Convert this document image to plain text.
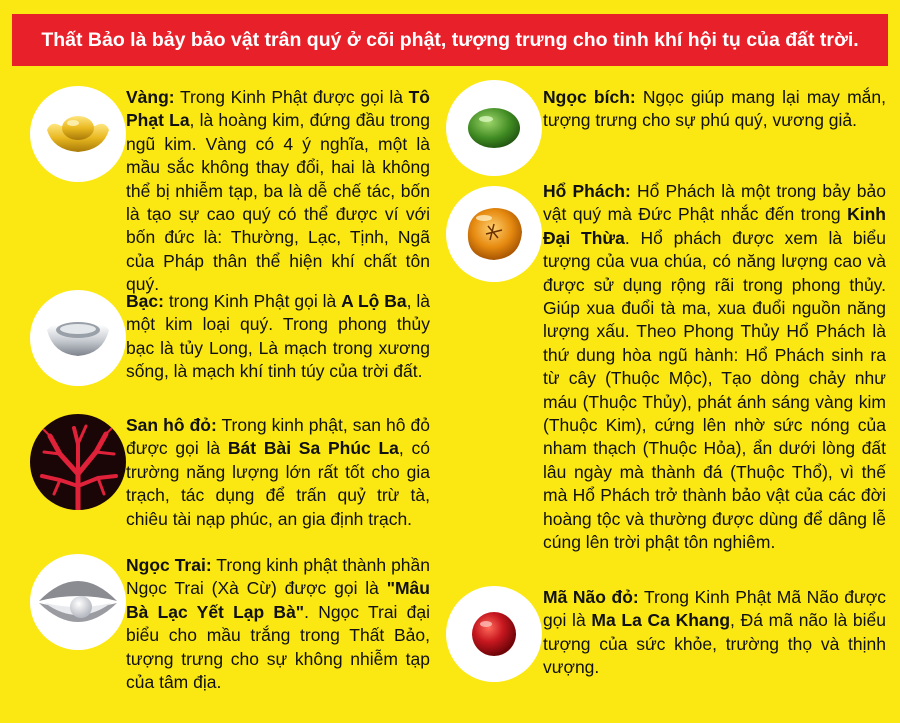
Thất Bảo là bảy bảo vật trân quý ở cõi phật, tượng trưng cho tinh khí hội tụ của đất trời.
Vàng: Trong Kinh Phật được gọi là Tô Phạt La, là hoàng kim, đứng đầu trong ngũ kim. Vàng có 4 ý nghĩa, một là mầu sắc không thay đổi, hai là không thể bị nhiễm tạp, ba là dễ chế tác, bốn là tạo sự cao quý có thể được ví với bốn đức là: Thường, Lạc, Tịnh, Ngã của Pháp thân thể hiện khí chất tôn quý.
Bạc: trong Kinh Phật gọi là A Lộ Ba, là một kim loại quý. Trong phong thủy bạc là tủy Long, Là mạch trong xương sống, là mạch khí tinh túy của trời đất.
San hô đỏ: Trong kinh phật, san hô đỏ được gọi là Bát Bài Sa Phúc La, có trường năng lượng lớn rất tốt cho gia trạch, tác dụng để trấn quỷ trừ tà, chiêu tài nạp phúc, an gia định trạch.
Ngọc Trai: Trong kinh phật thành phần Ngọc Trai (Xà Cừ) được gọi là "Mâu Bà Lạc Yết Lạp Bà". Ngọc Trai đại biểu cho mầu trắng trong Thất Bảo, tượng trưng cho sự không nhiễm tạp của tâm địa.
Ngọc bích: Ngọc giúp mang lại may mắn, tượng trưng cho sự phú quý, vương giả.
Hổ Phách: Hổ Phách là một trong bảy bảo vật quý mà Đức Phật nhắc đến trong Kinh Đại Thừa. Hổ phách được xem là biểu tượng của vua chúa, có năng lượng cao và được sử dụng rộng rãi trong phong thủy. Giúp xua đuổi tà ma, xua đuổi nguồn năng lượng xấu. Theo Phong Thủy Hổ Phách là thứ dung hòa ngũ hành: Hổ Phách sinh ra từ cây (Thuộc Mộc), Tạo dòng chảy như máu (Thuộc Thủy), phát ánh sáng vàng kim (Thuộc Kim), cứng lên nhờ sức nóng của nham thạch (Thuộc Hỏa), ẩn dưới lòng đất lâu ngày mà thành đá (Thuộc Thổ), vì thế mà Hổ Phách trở thành bảo vật của các đời hoàng tộc và thường được dùng để dâng lễ cúng lên trời phật tôn nghiêm.
Mã Não đỏ: Trong Kinh Phật Mã Não được gọi là Ma La Ca Khang, Đá mã não là biểu tượng của sức khỏe, trường thọ và thịnh vượng.
